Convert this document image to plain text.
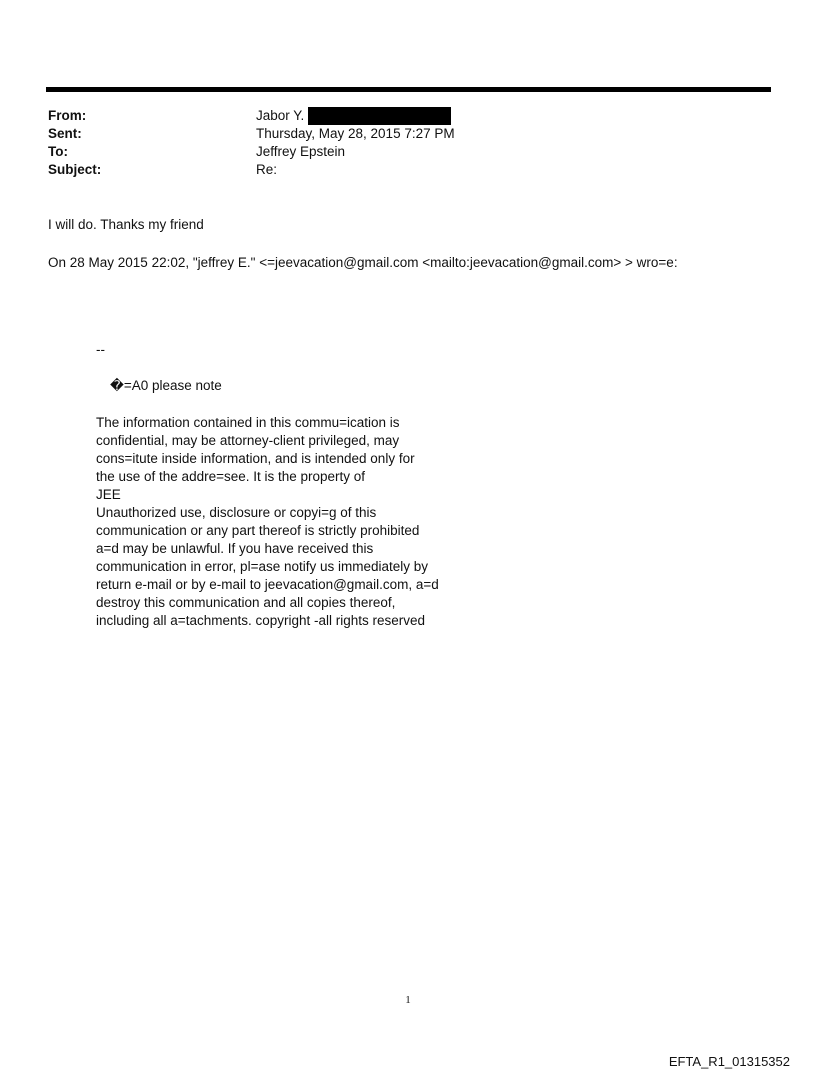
From:	Jabor Y.
Sent:	Thursday, May 28, 2015 7:27 PM
To:	Jeffrey Epstein
Subject:	Re:
I will do. Thanks my friend
On 28 May 2015 22:02, "jeffrey E." <=jeevacation@gmail.com <mailto:jeevacation@gmail.com> > wro=e:
--
�=A0 please note
The information contained in this commu=ication is
confidential, may be attorney-client privileged, may
cons=itute inside information, and is intended only for
the use of the addre=see. It is the property of
JEE
Unauthorized use, disclosure or copyi=g of this
communication or any part thereof is strictly prohibited
a=d may be unlawful. If you have received this
communication in error, pl=ase notify us immediately by
return e-mail or by e-mail to jeevacation@gmail.com, a=d
destroy this communication and all copies thereof,
including all a=tachments. copyright -all rights reserved
1
EFTA_R1_01315352
